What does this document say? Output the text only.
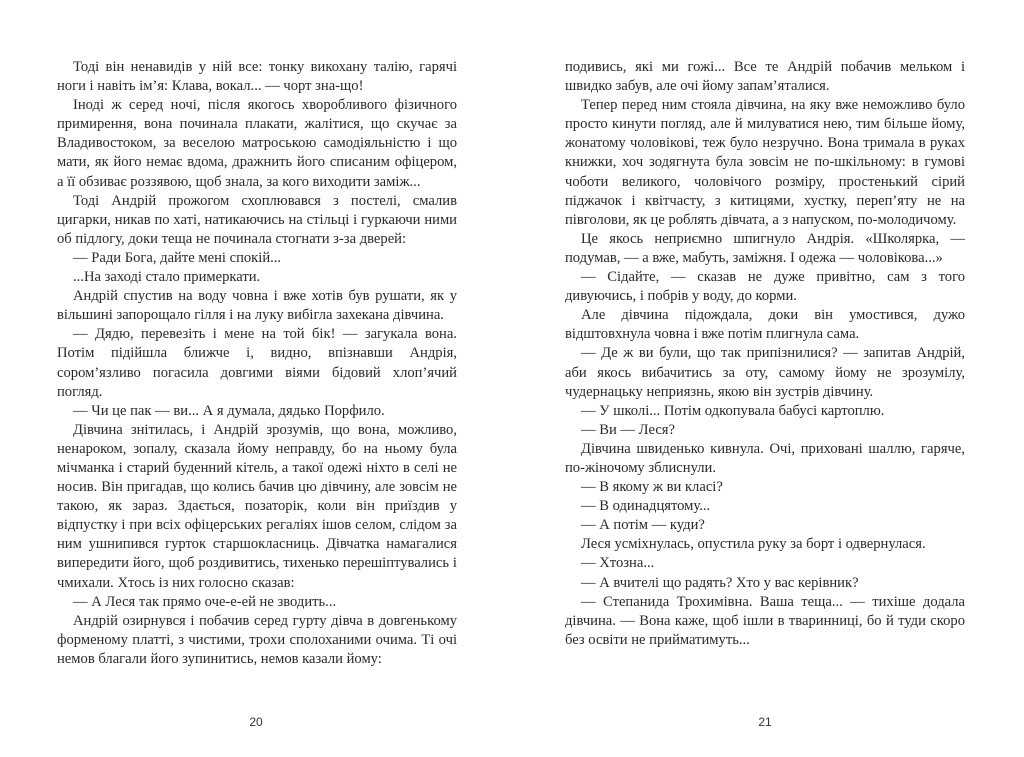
Тоді він ненавидів у ній все: тонку викохану талію, гарячі ноги і навіть ім’я: Клава, вокал... — чорт зна-що!

Іноді ж серед ночі, після якогось хворобливого фізичного примирення, вона починала плакати, жалітися, що скучає за Владивостоком, за веселою матроською самодіяльністю і що мати, як його немає вдома, дражнить його списаним офіцером, а її обзиває роззявою, щоб знала, за кого виходити заміж...

Тоді Андрій прожогом схоплювався з постелі, смалив цигарки, никав по хаті, натикаючись на стільці і гуркаючи ними об підлогу, доки теща не починала стогнати з-за дверей:

— Ради Бога, дайте мені спокій...

...На заході стало примеркати.

Андрій спустив на воду човна і вже хотів був рушати, як у вільшині запорощало гілля і на луку вибігла захекана дівчина.

— Дядю, перевезіть і мене на той бік! — загукала вона. Потім підійшла ближче і, видно, впізнавши Андрія, сором’язливо погасила довгими віями бідовий хлоп’ячий погляд.

— Чи це пак — ви... А я думала, дядько Порфило.

Дівчина знітилась, і Андрій зрозумів, що вона, можливо, ненароком, зопалу, сказала йому неправду, бо на ньому була мічманка і старий буденний кітель, а такої одежі ніхто в селі не носив. Він пригадав, що колись бачив цю дівчину, але зовсім не такою, як зараз. Здається, позаторік, коли він приїздив у відпустку і при всіх офіцерських регаліях ішов селом, слідом за ним ушнипився гурток старшокласниць. Дівчатка намагалися випередити його, щоб роздивитись, тихенько перешіптувались і чмихали. Хтось із них голосно сказав:

— А Леся так прямо оче-е-ей не зводить...

Андрій озирнувся і побачив серед гурту дівча в довгенькому форменому платті, з чистими, трохи сполоханими очима. Ті очі немов благали його зупинитись, немов казали йому:

подивись, які ми гожі... Все те Андрій побачив мельком і швидко забув, але очі йому запам’яталися.

Тепер перед ним стояла дівчина, на яку вже неможливо було просто кинути погляд, але й милуватися нею, тим більше йому, жонатому чоловікові, теж було незручно. Вона тримала в руках книжки, хоч зодягнута була зовсім не по-шкільному: в гумові чоботи великого, чоловічого розміру, простенький сірий піджачок і квітчасту, з китицями, хустку, переп’яту не на півголови, як це роблять дівчата, а з напуском, по-молодичому.

Це якось неприємно шпигнуло Андрія. «Школярка, — подумав, — а вже, мабуть, заміжня. І одежа — чоловікова...»

— Сідайте, — сказав не дуже привітно, сам з того дивуючись, і побрів у воду, до корми.

Але дівчина підождала, доки він умостився, дужо відштовхнула човна і вже потім плигнула сама.

— Де ж ви були, що так припізнилися? — запитав Андрій, аби якось вибачитись за оту, самому йому не зрозумілу, чудернацьку неприязнь, якою він зустрів дівчину.

— У школі... Потім одкопувала бабусі картоплю.

— Ви — Леся?

Дівчина швиденько кивнула. Очі, приховані шаллю, гаряче, по-жіночому зблиснули.

— В якому ж ви класі?

— В одинадцятому...

— А потім — куди?

Леся усміхнулась, опустила руку за борт і одвернулася.

— Хтозна...

— А вчителі що радять? Хто у вас керівник?

— Степанида Трохимівна. Ваша теща... — тихіше додала дівчина. — Вона каже, щоб ішли в тваринниці, бо й туди скоро без освіти не прийматимуть...

20	21
